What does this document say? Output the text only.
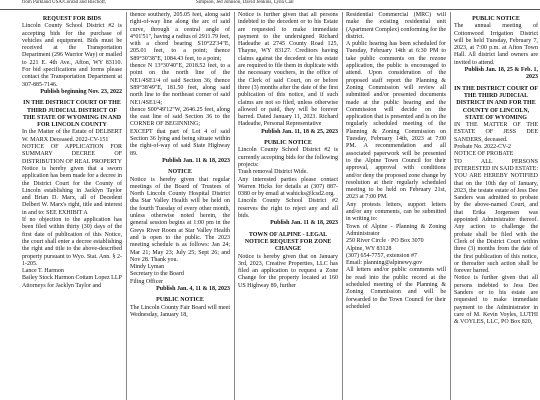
from Parkland USA/Conrad and Bischoff,	Simpson, Jed Johnson, David Jenkins, Lynn Call

REQUEST FOR BIDS

Lincoln County School District #2 is accepting bids for the purchase of vehicles and equipment. Bids must be received at the Transportation Department (296 Warrior Way) or mailed to 221 E. 4th Ave., Afton, WY 83110. For bid specifications and forms please contact the Transportation Department at 307-885-7146.

Publish beginning Nov. 23, 2022

IN THE DISTRICT COURT OF THE THIRD JUDICIAL DISTRICT OF THE STATE OF WYOMING IN AND FOR LINCOLN COUNTY

In the Matter of the Estate of DELBERT W. MARX Deceased. 2022-CV-151

NOTICE OF APPLICATION FOR SUMMARY DECREE OF DISTRIBUTION OF REAL PROPERTY

Notice is hereby given that a sworn application has been made for a decree in the District Court for the County of Lincoln establishing in Jacklyn Taylor and Brian D. Marx, all of Decedent Delbert W. Marx's right, title and interest in and to: SEE EXHIBIT A

If no objection to the application has been filed within thirty (30) days of the first date of publication of this Notice, the court shall enter a decree establishing the right and title to the above-described property pursuant to Wyo. Stat. Ann. § 2-1-205.

Lance T. Harmon

Bailey Stock Harmon Cottam Lopez LLP

Attorneys for Jacklyn Taylor and

thence southerly, 205.05 feet, along said right-of-way line along the arc of said curve, through a central angle of 4°01'51", having a radius of 2911.79 feet, with a chord bearing S10°22'34"E, 205.01 feet, to a point; thence S89°30'38"E, 1084.43 feet, to a point;

thence N 13°30'40"E, 2018.52 feet, to a point on the north line of the NE1/4SE1/4 of said Section 36; thence S89°38'49"E, 181.50 feet, along said north line to the northeast corner of said NE1/4SE1/4;

thence S00°49'12"W, 2646.25 feet, along the east line of said Section 36 to the CORNER OF BEGINNING;

EXCEPT that part of Lot 4 of said Section 36 lying and being situate within the right-of-way of said State Highway 89.

Publish Jan. 11 & 18, 2023

NOTICE

Notice is hereby given that regular meetings of the Board of Trustees of North Lincoln County Hospital District dba Star Valley Health will be held on the fourth Tuesday of every other month, unless otherwise noted herein, the general session begins at 1:00 pm in the Greys River Room at Star Valley Health and is open to the public. The 2023 meeting schedule is as follows: Jan 24; Mar 21; May 23; July 25; Sept 26; and Nov 28. Thank you.

Mindy Lyman

Secretary to the Board

Filing Officer

Publish Jan. 4, 11 & 18, 2023

PUBLIC NOTICE

The Lincoln County Fair Board will meet Wednesday, January 18,

Notice is further given that all persons indebted to the decedent or to his Estate are requested to make immediate payment to the undersigned Richard Hadeathe at 2745 County Road 125, Thayne, WY 83127. Creditors having claims against the decedent or his estate are required to file them in duplicate with the necessary vouchers, in the office of the Clerk of said Court, on or before three (3) months after the date of the first publication of this notice, and if such claims are not so filed, unless otherwise allowed or paid, they will be forever barred. Dated January 11, 2023. Richard Hadeathe, Personal Representative

Publish Jan. 11, 18 & 25, 2023

PUBLIC NOTICE

Lincoln County School District #2 is currently accepting bids for the following projects:

Trash removal District Wide.

Any interested parties please contact Warren Hicks for details at (307) 887-0380 or by email at wahicks@lcsd2.org.

Lincoln County School District #2 reserves the right to reject any and all bids.

Publish Jan. 11 & 18, 2023

TOWN OF ALPINE - LEGAL NOTICE REQUEST FOR ZONE CHANGE

Notice is hereby given that on January 3rd, 2023, Creative Properties, LLC has filed an application to request a Zone Change for the property located at 160 US Highway 89, further

Residential Commercial (MRC) will make the existing residential unit (Apartment Complex) conforming for the district.

A public hearing has been scheduled for Tuesday, February 14th at 6:30 PM to take public comments on the rezone application, the public is encouraged to attend. Upon consideration of the proposed staff report the Planning & Zoning Commission will review all submitted and/or presented documents made at the public hearing and the Commission will decide on the application that is presented and is on the regularly scheduled meeting of the Planning & Zoning Commission on Tuesday, February 14th, 2023 at 7:00 PM. A recommendation and all associated paperwork will be presented to the Alpine Town Council for their approval, approval with conditions and/or deny the proposed zone change by resolution at their regularly scheduled meeting to be held on February 21st, 2023 at 7:00 PM.

Any protests letters, support letters and/or any comments, can be submitted in writing to:

Town of Alpine - Planning & Zoning Administrator

250 River Circle · PO Box 3070

Alpine, WY 83128

(307) 654-7757, extension #7

Email: planning@alpinewy.gov

All letters and/or public comments will be read into the public record at the scheduled meeting of the Planning & Zoning Commission and will be forwarded to the Town Council for their scheduled

PUBLIC NOTICE

The annual meeting of Cottonwood Irrigation District will be held Tuesday, February 7, 2023, at 7:00 p.m. at Afton Town Hall. All district land owners are invited to attend.

Publish Jan. 18, 25 & Feb. 1, 2023

IN THE DISTRICT COURT OF THE THIRD JUDICIAL DISTRICT IN AND FOR THE COUNTY OF LINCOLN, STATE OF WYOMING

IN THE MATTER OF THE ESTATE OF JESS DEE SANDERS, deceased.

Probate No. 2022-CV-2

NOTICE OF PROBATE

TO ALL PERSONS INTERESTED IN SAID ESTATE:

YOU ARE HEREBY NOTIFIED that on the 10th day of January, 2023, the testate estate of Jess Dee Sanders was admitted to probate by the above-named Court, and that Erika Jorgensen was appointed Administrator thereof. Any action to challenge the probate shall be filed with the Clerk of the District Court within three (3) months from the date of the first publication of this notice, or thereafter such action shall be forever barred.

Notice is further given that all persons indebted to Jess Dee Sanders or to his estate are requested to make immediate payment to the Administrator in care of M. Kevin Voyles, LUTHI & VOYLES, LLC, PO Box 820,
